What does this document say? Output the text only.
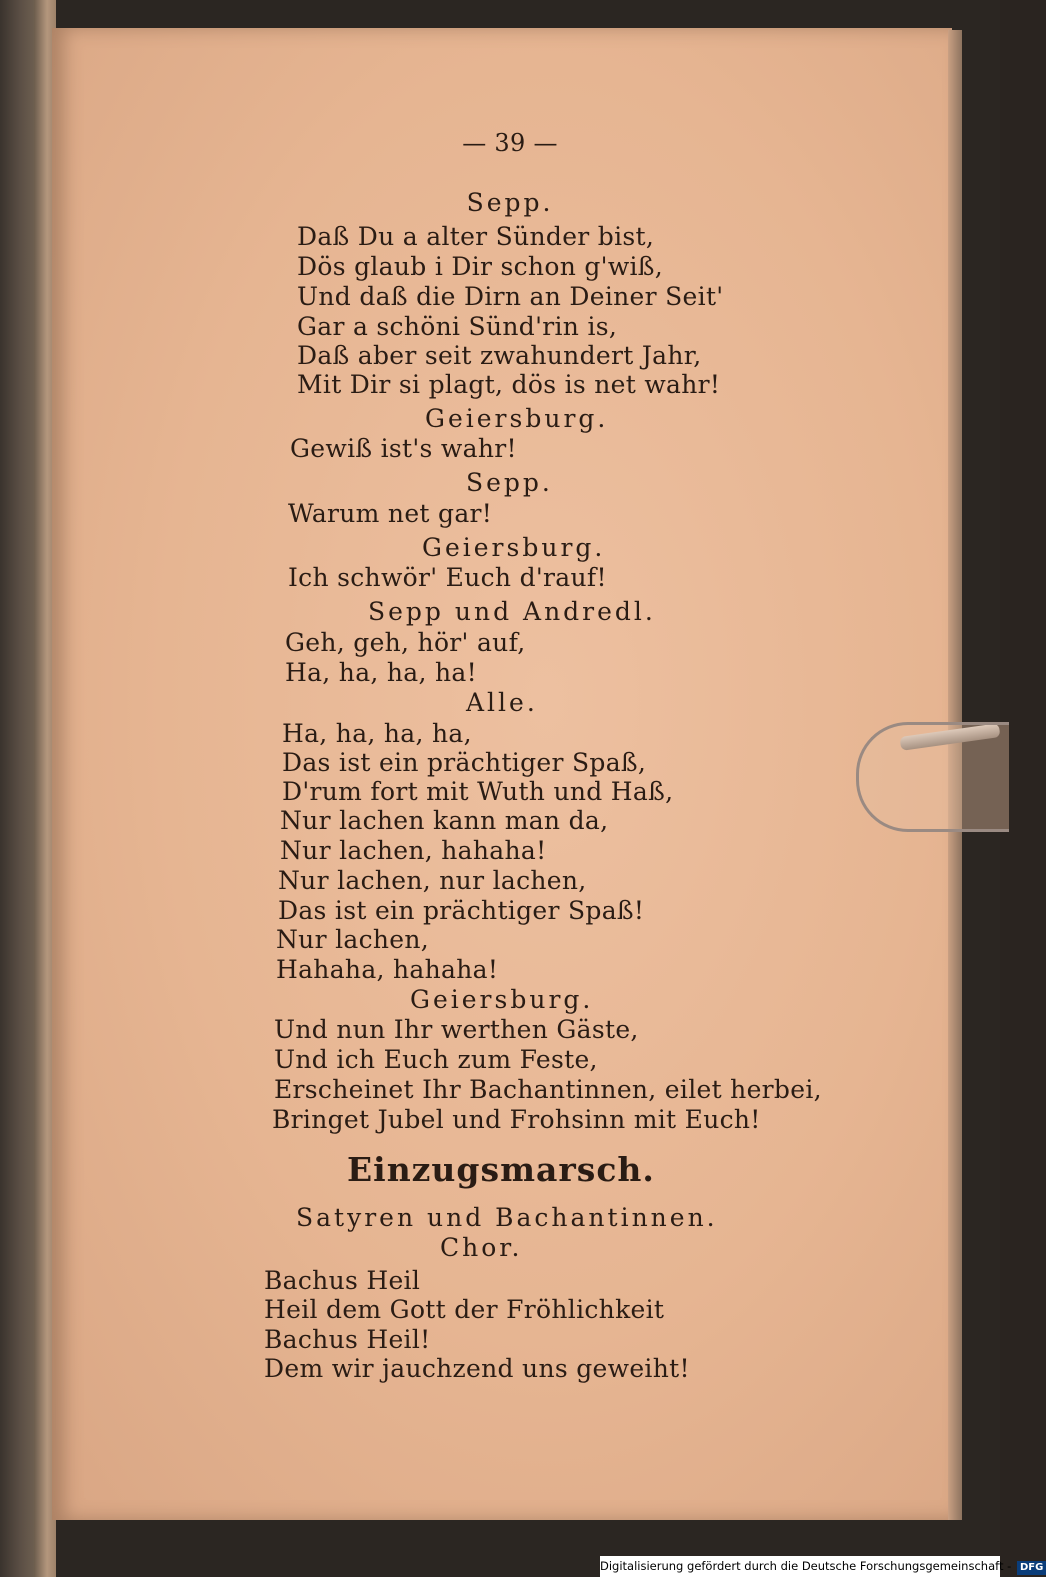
— 39 —
Sepp.
Daß Du a alter Sünder bist,
Dös glaub i Dir schon g'wiß,
Und daß die Dirn an Deiner Seit'
Gar a schöni Sünd'rin is,
Daß aber seit zwahundert Jahr,
Mit Dir si plagt, dös is net wahr!
Geiersburg.
Gewiß ist's wahr!
Sepp.
Warum net gar!
Geiersburg.
Ich schwör' Euch d'rauf!
Sepp und Andredl.
Geh, geh, hör' auf,
Ha, ha, ha, ha!
Alle.
Ha, ha, ha, ha,
Das ist ein prächtiger Spaß,
D'rum fort mit Wuth und Haß,
Nur lachen kann man da,
Nur lachen, hahaha!
Nur lachen, nur lachen,
Das ist ein prächtiger Spaß!
Nur lachen,
Hahaha, hahaha!
Geiersburg.
Und nun Ihr werthen Gäste,
Und ich Euch zum Feste,
Erscheinet Ihr Bachantinnen, eilet herbei,
Bringet Jubel und Frohsinn mit Euch!
Einzugsmarsch.
Satyren und Bachantinnen.
Chor.
Bachus Heil
Heil dem Gott der Fröhlichkeit
Bachus Heil!
Dem wir jauchzend uns geweiht!
Digitalisierung gefördert durch die Deutsche Forschungsgemeinschaft - DFG
